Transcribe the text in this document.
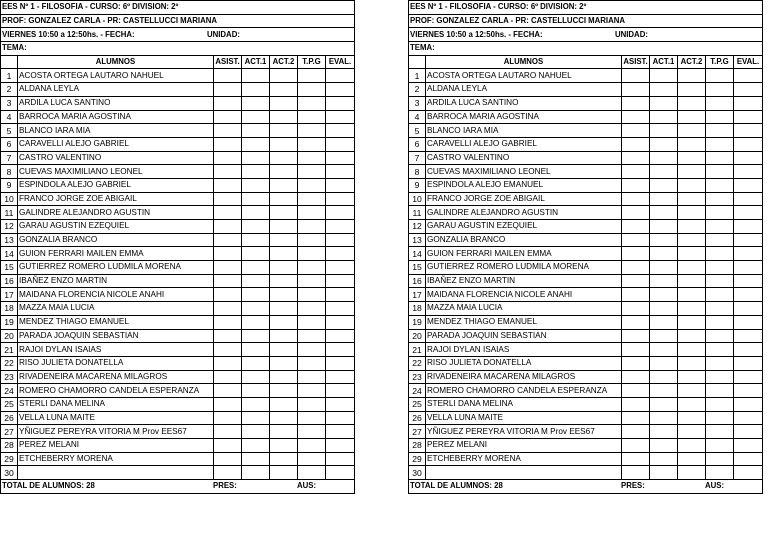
EES Nº 1 - FILOSOFIA - CURSO: 6º DIVISION: 2º						
PROF: GONZALEZ CARLA - PR: CASTELLUCCI MARIANA						
VIERNES 10:50 a 12:50hs. - FECHA: UNIDAD:						
TEMA:						
	ALUMNOS	ASIST.	ACT.1	ACT.2	T.P.G	EVAL.
1	ACOSTA ORTEGA LAUTARO NAHUEL					
2	ALDANA LEYLA					
3	ARDILA LUCA SANTINO					
4	BARROCA MARIA AGOSTINA					
5	BLANCO IARA MIA					
6	CARAVELLI ALEJO GABRIEL					
7	CASTRO VALENTINO					
8	CUEVAS MAXIMILIANO LEONEL					
9	ESPINDOLA ALEJO GABRIEL					
10	FRANCO JORGE ZOE ABIGAIL					
11	GALINDRE ALEJANDRO AGUSTIN					
12	GARAU AGUSTIN EZEQUIEL					
13	GONZALIA BRANCO					
14	GUION FERRARI MAILEN EMMA					
15	GUTIERREZ ROMERO LUDMILA MORENA					
16	IBAÑEZ ENZO MARTIN					
17	MAIDANA FLORENCIA NICOLE ANAHI					
18	MAZZA MAIA LUCIA					
19	MENDEZ THIAGO EMANUEL					
20	PARADA JOAQUIN SEBASTIAN					
21	RAJOI DYLAN ISAIAS					
22	RISO JULIETA DONATELLA					
23	RIVADENEIRA MACARENA MILAGROS					
24	ROMERO CHAMORRO CANDELA ESPERANZA					
25	STERLI DANA MELINA					
26	VELLA LUNA MAITE					
27	YÑIGUEZ PEREYRA VITORIA M Prov EES67					
28	PEREZ MELANI					
29	ETCHEBERRY MORENA					
30						
TOTAL DE ALUMNOS: 28 PRES: AUS:						
EES Nº 1 - FILOSOFIA - CURSO: 6º DIVISION: 2º						
PROF: GONZALEZ CARLA - PR: CASTELLUCCI MARIANA						
VIERNES 10:50 a 12:50hs. - FECHA: UNIDAD:						
TEMA:						
	ALUMNOS	ASIST.	ACT.1	ACT.2	T.P.G	EVAL.
1	ACOSTA ORTEGA LAUTARO NAHUEL					
2	ALDANA LEYLA					
3	ARDILA LUCA SANTINO					
4	BARROCA MARIA AGOSTINA					
5	BLANCO IARA MIA					
6	CARAVELLI ALEJO GABRIEL					
7	CASTRO VALENTINO					
8	CUEVAS MAXIMILIANO LEONEL					
9	ESPINDOLA ALEJO EMANUEL					
10	FRANCO JORGE ZOE ABIGAIL					
11	GALINDRE ALEJANDRO AGUSTIN					
12	GARAU AGUSTIN EZEQUIEL					
13	GONZALIA BRANCO					
14	GUION FERRARI MAILEN EMMA					
15	GUTIERREZ ROMERO LUDMILA MORENA					
16	IBAÑEZ ENZO MARTIN					
17	MAIDANA FLORENCIA NICOLE ANAHI					
18	MAZZA MAIA LUCIA					
19	MENDEZ THIAGO EMANUEL					
20	PARADA JOAQUIN SEBASTIAN					
21	RAJOI DYLAN ISAIAS					
22	RISO JULIETA DONATELLA					
23	RIVADENEIRA MACARENA MILAGROS					
24	ROMERO CHAMORRO CANDELA ESPERANZA					
25	STERLI DANA MELINA					
26	VELLA LUNA MAITE					
27	YÑIGUEZ PEREYRA VITORIA M Prov EES67					
28	PEREZ MELANI					
29	ETCHEBERRY MORENA					
30						
TOTAL DE ALUMNOS: 28 PRES: AUS:						
